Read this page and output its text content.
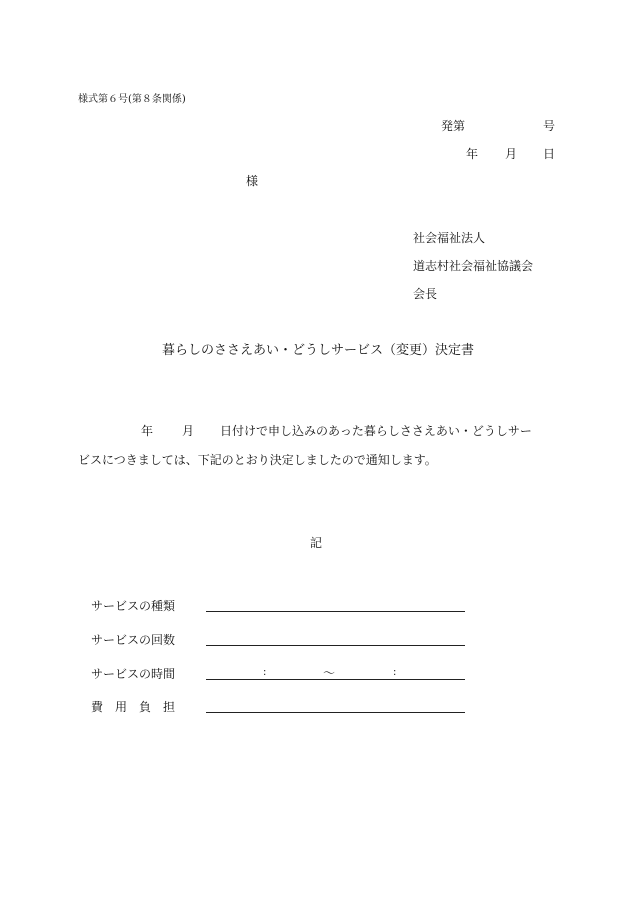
様式第６号(第８条関係)
発第	号
年 月 日
様
社会福祉法人
道志村社会福祉協議会
会長
暮らしのささえあい・どうしサービス（変更）決定書
年 月 日付けで申し込みのあった暮らしささえあい・どうしサー
ビスにつきましては、下記のとおり決定しましたので通知します。
記
サービスの種類
サービスの回数
サービスの時間	:	～	:
費　用　負　担
